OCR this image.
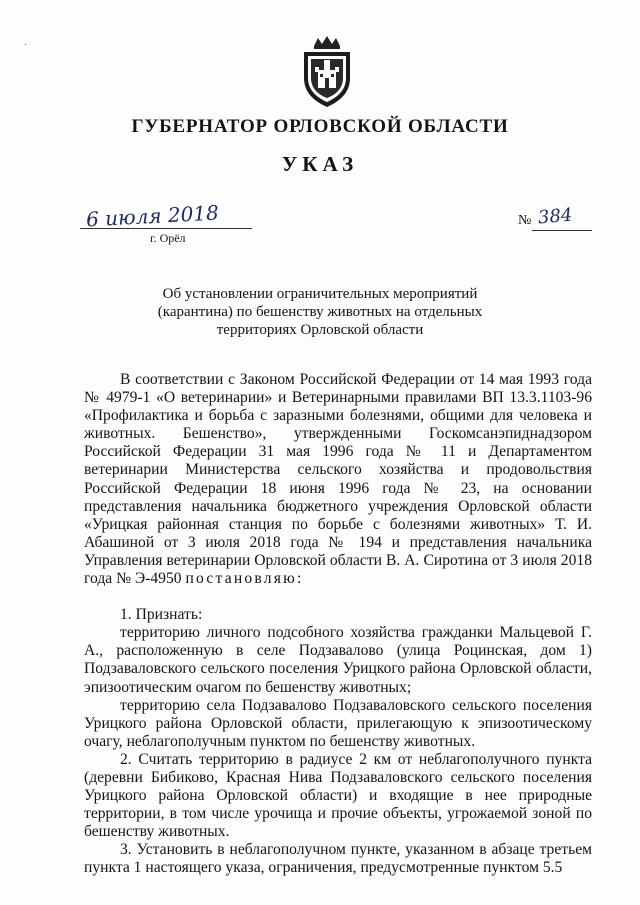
·
ГУБЕРНАТОР ОРЛОВСКОЙ ОБЛАСТИ
УКАЗ
6 июля 2018
г. Орёл
№ 384
Об установлении ограничительных мероприятий (карантина) по бешенству животных на отдельных территориях Орловской области

В соответствии с Законом Российской Федерации от 14 мая 1993 года № 4979-1 «О ветеринарии» и Ветеринарными правилами ВП 13.3.1103-96 «Профилактика и борьба с заразными болезнями, общими для человека и животных. Бешенство», утвержденными Госкомсанэпиднадзором Российской Федерации 31 мая 1996 года № 11 и Департаментом ветеринарии Министерства сельского хозяйства и продовольствия Российской Федерации 18 июня 1996 года № 23, на основании представления начальника бюджетного учреждения Орловской области «Урицкая районная станция по борьбе с болезнями животных» Т. И. Абашиной от 3 июля 2018 года № 194 и представления начальника Управления ветеринарии Орловской области В. А. Сиротина от 3 июля 2018 года № Э-4950 постановляю:

1. Признать:

территорию личного подсобного хозяйства гражданки Мальцевой Г. А., расположенную в селе Подзавалово (улица Роцинская, дом 1) Подзаваловского сельского поселения Урицкого района Орловской области, эпизоотическим очагом по бешенству животных;

территорию села Подзавалово Подзаваловского сельского поселения Урицкого района Орловской области, прилегающую к эпизоотическому очагу, неблагополучным пунктом по бешенству животных.

2. Считать территорию в радиусе 2 км от неблагополучного пункта (деревни Бибиково, Красная Нива Подзаваловского сельского поселения Урицкого района Орловской области) и входящие в нее природные территории, в том числе урочища и прочие объекты, угрожаемой зоной по бешенству животных.

3. Установить в неблагополучном пункте, указанном в абзаце третьем пункта 1 настоящего указа, ограничения, предусмотренные пунктом 5.5
